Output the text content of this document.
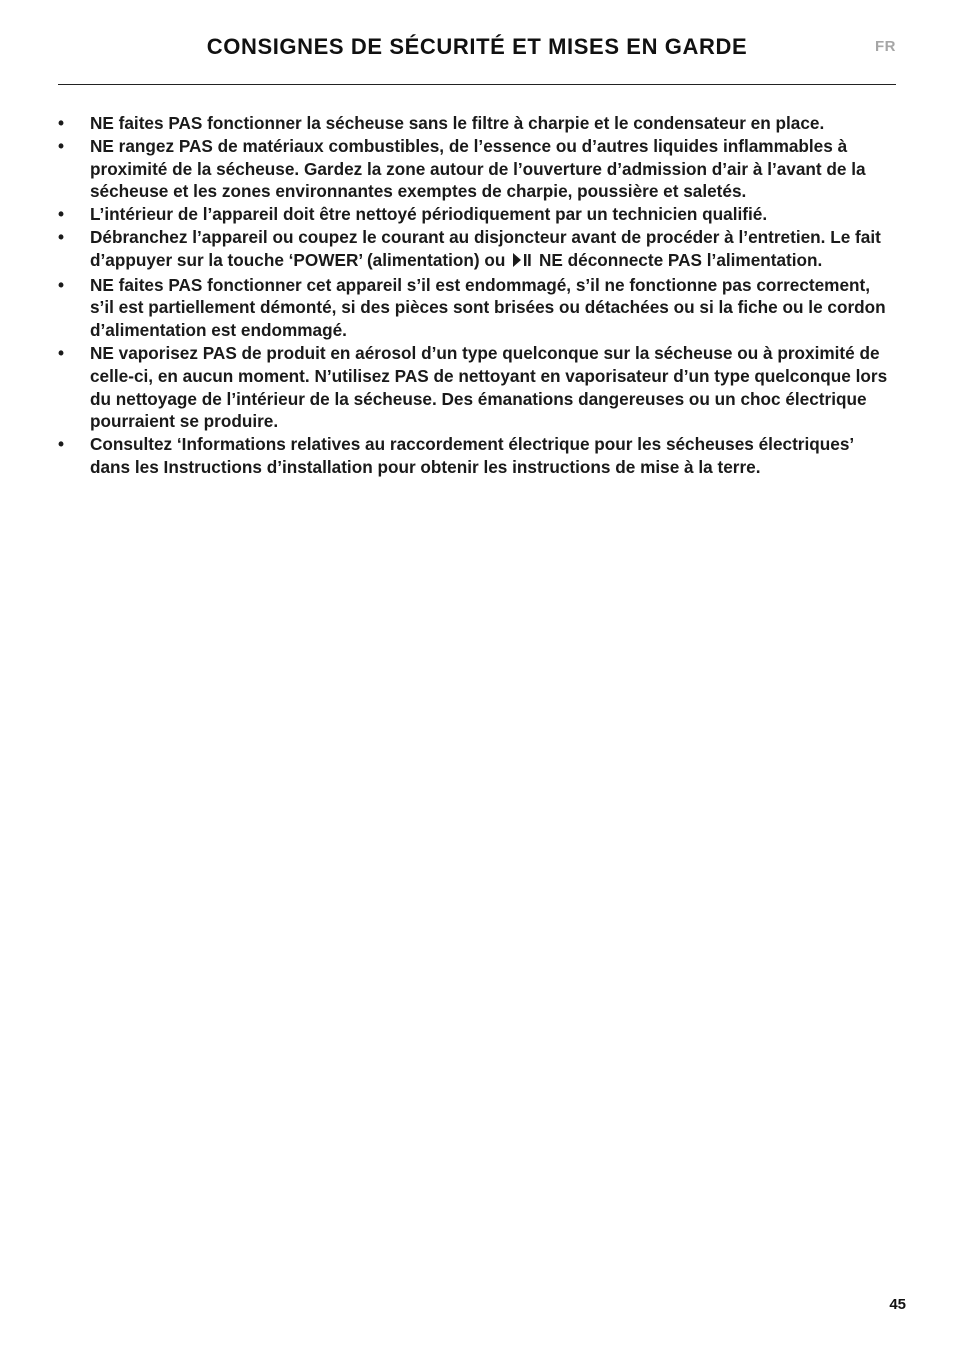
CONSIGNES DE SÉCURITÉ ET MISES EN GARDE	FR
• NE faites PAS fonctionner la sécheuse sans le filtre à charpie et le condensateur en place.
• NE rangez PAS de matériaux combustibles, de l’essence ou d’autres liquides inflammables à proximité de la sécheuse. Gardez la zone autour de l’ouverture d’admission d’air à l’avant de la sécheuse et les zones environnantes exemptes de charpie, poussière et saletés.
• L’intérieur de l’appareil doit être nettoyé périodiquement par un technicien qualifié.
• Débranchez l’appareil ou coupez le courant au disjoncteur avant de procéder à l’entretien. Le fait d’appuyer sur la touche ‘POWER’ (alimentation) ou NE déconnecte PAS l’alimentation.
• NE faites PAS fonctionner cet appareil s’il est endommagé, s’il ne fonctionne pas correctement, s’il est partiellement démonté, si des pièces sont brisées ou détachées ou si la fiche ou le cordon d’alimentation est endommagé.
• NE vaporisez PAS de produit en aérosol d’un type quelconque sur la sécheuse ou à proximité de celle-ci, en aucun moment. N’utilisez PAS de nettoyant en vaporisateur d’un type quelconque lors du nettoyage de l’intérieur de la sécheuse. Des émanations dangereuses ou un choc électrique pourraient se produire.
• Consultez ‘Informations relatives au raccordement électrique pour les sécheuses électriques’ dans les Instructions d’installation pour obtenir les instructions de mise à la terre.
45
